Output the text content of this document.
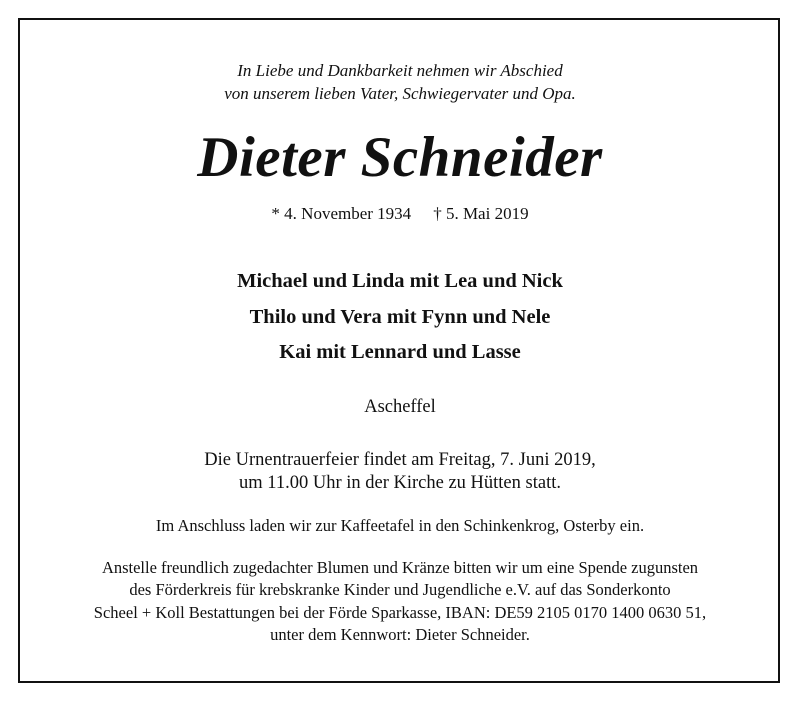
In Liebe und Dankbarkeit nehmen wir Abschied

von unserem lieben Vater, Schwiegervater und Opa.

Dieter Schneider

* 4. November 1934 † 5. Mai 2019

Michael und Linda mit Lea und Nick

Thilo und Vera mit Fynn und Nele

Kai mit Lennard und Lasse

Ascheffel

Die Urnentrauerfeier findet am Freitag, 7. Juni 2019,

um 11.00 Uhr in der Kirche zu Hütten statt.

Im Anschluss laden wir zur Kaffeetafel in den Schinkenkrog, Osterby ein.

Anstelle freundlich zugedachter Blumen und Kränze bitten wir um eine Spende zugunsten

des Förderkreis für krebskranke Kinder und Jugendliche e.V. auf das Sonderkonto

Scheel + Koll Bestattungen bei der Förde Sparkasse, IBAN: DE59 2105 0170 1400 0630 51,

unter dem Kennwort: Dieter Schneider.
